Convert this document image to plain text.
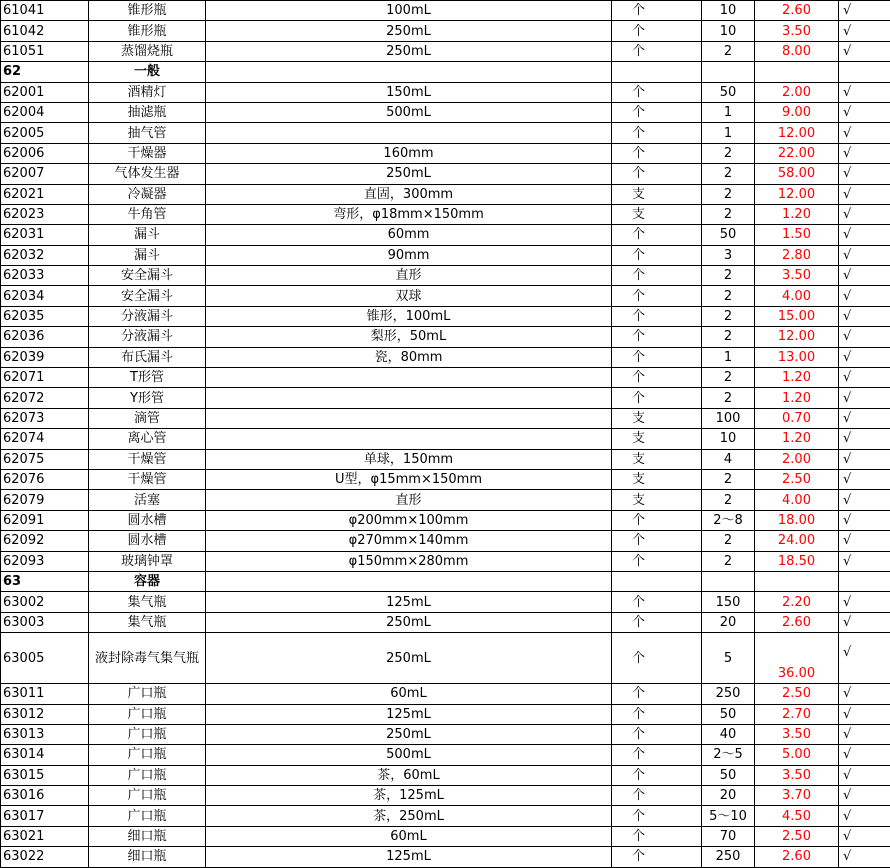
61041	锥形瓶	100mL	个	10	2.60	√
61042	锥形瓶	250mL	个	10	3.50	√
61051	蒸馏烧瓶	250mL	个	2	8.00	√
62	一般					
62001	酒精灯	150mL	个	50	2.00	√
62004	抽滤瓶	500mL	个	1	9.00	√
62005	抽气管		个	1	12.00	√
62006	干燥器	160mm	个	2	22.00	√
62007	气体发生器	250mL	个	2	58.00	√
62021	冷凝器	直固，300mm	支	2	12.00	√
62023	牛角管	弯形，φ18mm×150mm	支	2	1.20	√
62031	漏斗	60mm	个	50	1.50	√
62032	漏斗	90mm	个	3	2.80	√
62033	安全漏斗	直形	个	2	3.50	√
62034	安全漏斗	双球	个	2	4.00	√
62035	分液漏斗	锥形，100mL	个	2	15.00	√
62036	分液漏斗	梨形，50mL	个	2	12.00	√
62039	布氏漏斗	瓷，80mm	个	1	13.00	√
62071	T形管		个	2	1.20	√
62072	Y形管		个	2	1.20	√
62073	滴管		支	100	0.70	√
62074	离心管		支	10	1.20	√
62075	干燥管	单球，150mm	支	4	2.00	√
62076	干燥管	U型，φ15mm×150mm	支	2	2.50	√
62079	活塞	直形	支	2	4.00	√
62091	圆水槽	φ200mm×100mm	个	2～8	18.00	√
62092	圆水槽	φ270mm×140mm	个	2	24.00	√
62093	玻璃钟罩	φ150mm×280mm	个	2	18.50	√
63	容器					
63002	集气瓶	125mL	个	150	2.20	√
63003	集气瓶	250mL	个	20	2.60	√
63005	液封除毒气集气瓶	250mL	个	5	36.00	√
63011	广口瓶	60mL	个	250	2.50	√
63012	广口瓶	125mL	个	50	2.70	√
63013	广口瓶	250mL	个	40	3.50	√
63014	广口瓶	500mL	个	2～5	5.00	√
63015	广口瓶	茶，60mL	个	50	3.50	√
63016	广口瓶	茶，125mL	个	20	3.70	√
63017	广口瓶	茶，250mL	个	5～10	4.50	√
63021	细口瓶	60mL	个	70	2.50	√
63022	细口瓶	125mL	个	250	2.60	√
